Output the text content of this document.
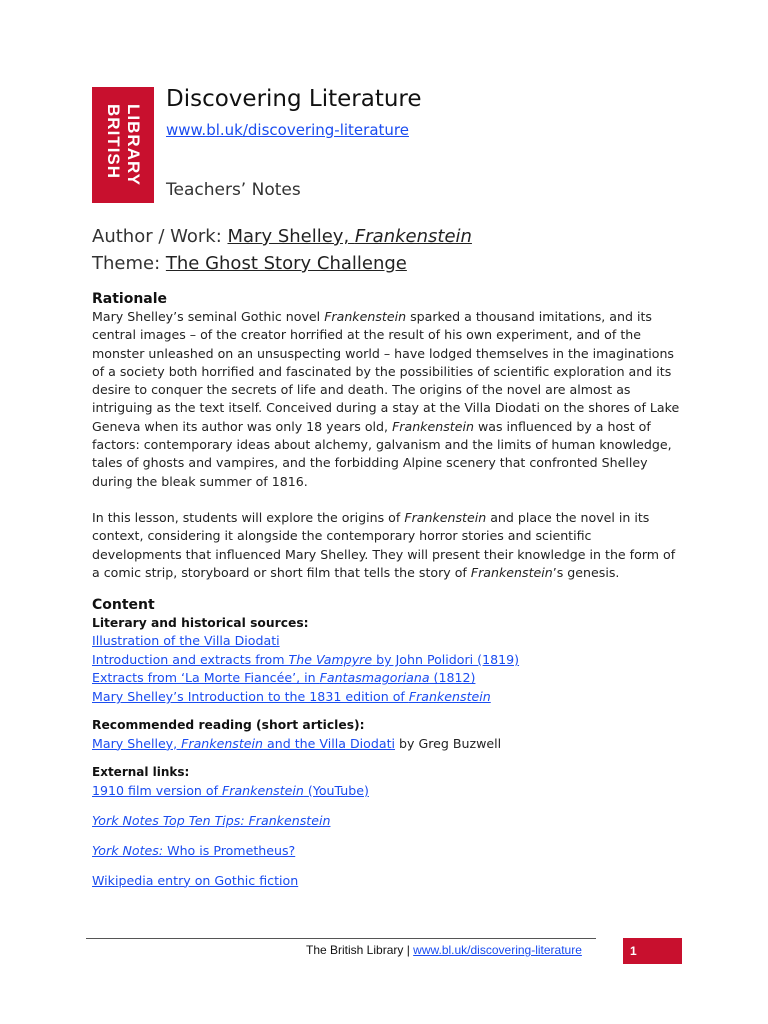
LIBRARY
BRITISH
Discovering Literature
www.bl.uk/discovering-literature
Teachers’ Notes
Author / Work: Mary Shelley, Frankenstein
Theme: The Ghost Story Challenge

Rationale

Mary Shelley’s seminal Gothic novel Frankenstein sparked a thousand imitations, and its central images – of the creator horrified at the result of his own experiment, and of the monster unleashed on an unsuspecting world – have lodged themselves in the imaginations of a society both horrified and fascinated by the possibilities of scientific exploration and its desire to conquer the secrets of life and death. The origins of the novel are almost as intriguing as the text itself. Conceived during a stay at the Villa Diodati on the shores of Lake Geneva when its author was only 18 years old, Frankenstein was influenced by a host of factors: contemporary ideas about alchemy, galvanism and the limits of human knowledge, tales of ghosts and vampires, and the forbidding Alpine scenery that confronted Shelley during the bleak summer of 1816.

In this lesson, students will explore the origins of Frankenstein and place the novel in its context, considering it alongside the contemporary horror stories and scientific developments that influenced Mary Shelley. They will present their knowledge in the form of a comic strip, storyboard or short film that tells the story of Frankenstein’s genesis.

Content

Literary and historical sources:

Illustration of the Villa Diodati
Introduction and extracts from The Vampyre by John Polidori (1819)
Extracts from ‘La Morte Fiancée’, in Fantasmagoriana (1812)
Mary Shelley’s Introduction to the 1831 edition of Frankenstein

Recommended reading (short articles):

Mary Shelley, Frankenstein and the Villa Diodati by Greg Buzwell

External links:

1910 film version of Frankenstein (YouTube)
York Notes Top Ten Tips: Frankenstein
York Notes: Who is Prometheus?
Wikipedia entry on Gothic fiction
The British Library | www.bl.uk/discovering-literature	1
